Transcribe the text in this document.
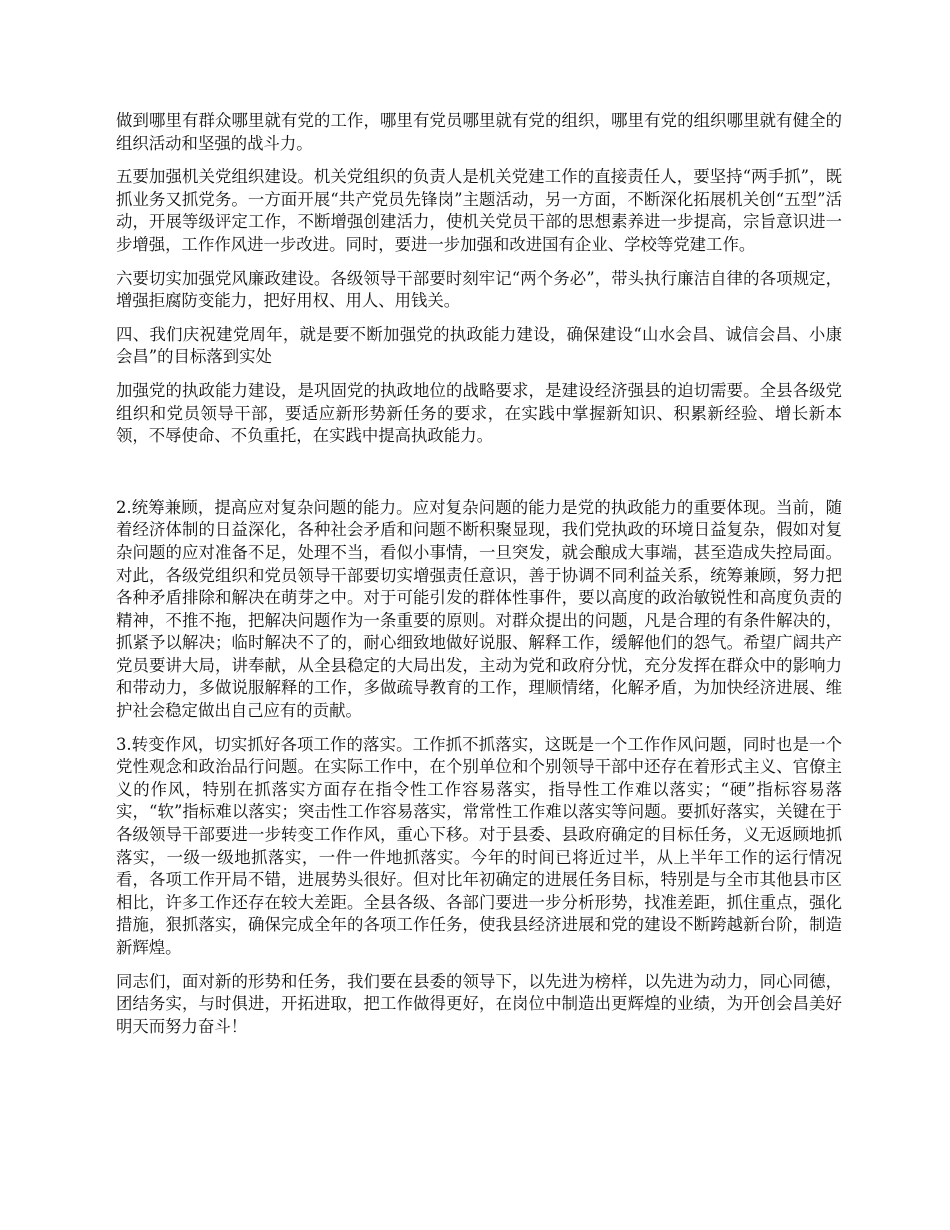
做到哪里有群众哪里就有党的工作，哪里有党员哪里就有党的组织，哪里有党的组织哪里就有健全的组织活动和坚强的战斗力。

五要加强机关党组织建设。机关党组织的负责人是机关党建工作的直接责任人，要坚持“两手抓”，既抓业务又抓党务。一方面开展“共产党员先锋岗”主题活动，另一方面，不断深化拓展机关创“五型”活动，开展等级评定工作，不断增强创建活力，使机关党员干部的思想素养进一步提高，宗旨意识进一步增强，工作作风进一步改进。同时，要进一步加强和改进国有企业、学校等党建工作。

六要切实加强党风廉政建设。各级领导干部要时刻牢记“两个务必”，带头执行廉洁自律的各项规定，增强拒腐防变能力，把好用权、用人、用钱关。

四、我们庆祝建党周年，就是要不断加强党的执政能力建设，确保建设“山水会昌、诚信会昌、小康会昌”的目标落到实处

加强党的执政能力建设，是巩固党的执政地位的战略要求，是建设经济强县的迫切需要。全县各级党组织和党员领导干部，要适应新形势新任务的要求，在实践中掌握新知识、积累新经验、增长新本领，不辱使命、不负重托，在实践中提高执政能力。

2.统筹兼顾，提高应对复杂问题的能力。应对复杂问题的能力是党的执政能力的重要体现。当前，随着经济体制的日益深化，各种社会矛盾和问题不断积聚显现，我们党执政的环境日益复杂，假如对复杂问题的应对准备不足，处理不当，看似小事情，一旦突发，就会酿成大事端，甚至造成失控局面。对此，各级党组织和党员领导干部要切实增强责任意识，善于协调不同利益关系，统筹兼顾，努力把各种矛盾排除和解决在萌芽之中。对于可能引发的群体性事件，要以高度的政治敏锐性和高度负责的精神，不推不拖，把解决问题作为一条重要的原则。对群众提出的问题，凡是合理的有条件解决的，抓紧予以解决；临时解决不了的，耐心细致地做好说服、解释工作，缓解他们的怨气。希望广阔共产党员要讲大局，讲奉献，从全县稳定的大局出发，主动为党和政府分忧，充分发挥在群众中的影响力和带动力，多做说服解释的工作，多做疏导教育的工作，理顺情绪，化解矛盾，为加快经济进展、维护社会稳定做出自己应有的贡献。

3.转变作风，切实抓好各项工作的落实。工作抓不抓落实，这既是一个工作作风问题，同时也是一个党性观念和政治品行问题。在实际工作中，在个别单位和个别领导干部中还存在着形式主义、官僚主义的作风，特别在抓落实方面存在指令性工作容易落实，指导性工作难以落实；“硬”指标容易落实，“软”指标难以落实；突击性工作容易落实，常常性工作难以落实等问题。要抓好落实，关键在于各级领导干部要进一步转变工作作风，重心下移。对于县委、县政府确定的目标任务，义无返顾地抓落实，一级一级地抓落实，一件一件地抓落实。今年的时间已将近过半，从上半年工作的运行情况看，各项工作开局不错，进展势头很好。但对比年初确定的进展任务目标，特别是与全市其他县市区相比，许多工作还存在较大差距。全县各级、各部门要进一步分析形势，找准差距，抓住重点，强化措施，狠抓落实，确保完成全年的各项工作任务，使我县经济进展和党的建设不断跨越新台阶，制造新辉煌。

同志们，面对新的形势和任务，我们要在县委的领导下，以先进为榜样，以先进为动力，同心同德，团结务实，与时俱进，开拓进取，把工作做得更好，在岗位中制造出更辉煌的业绩，为开创会昌美好明天而努力奋斗！
